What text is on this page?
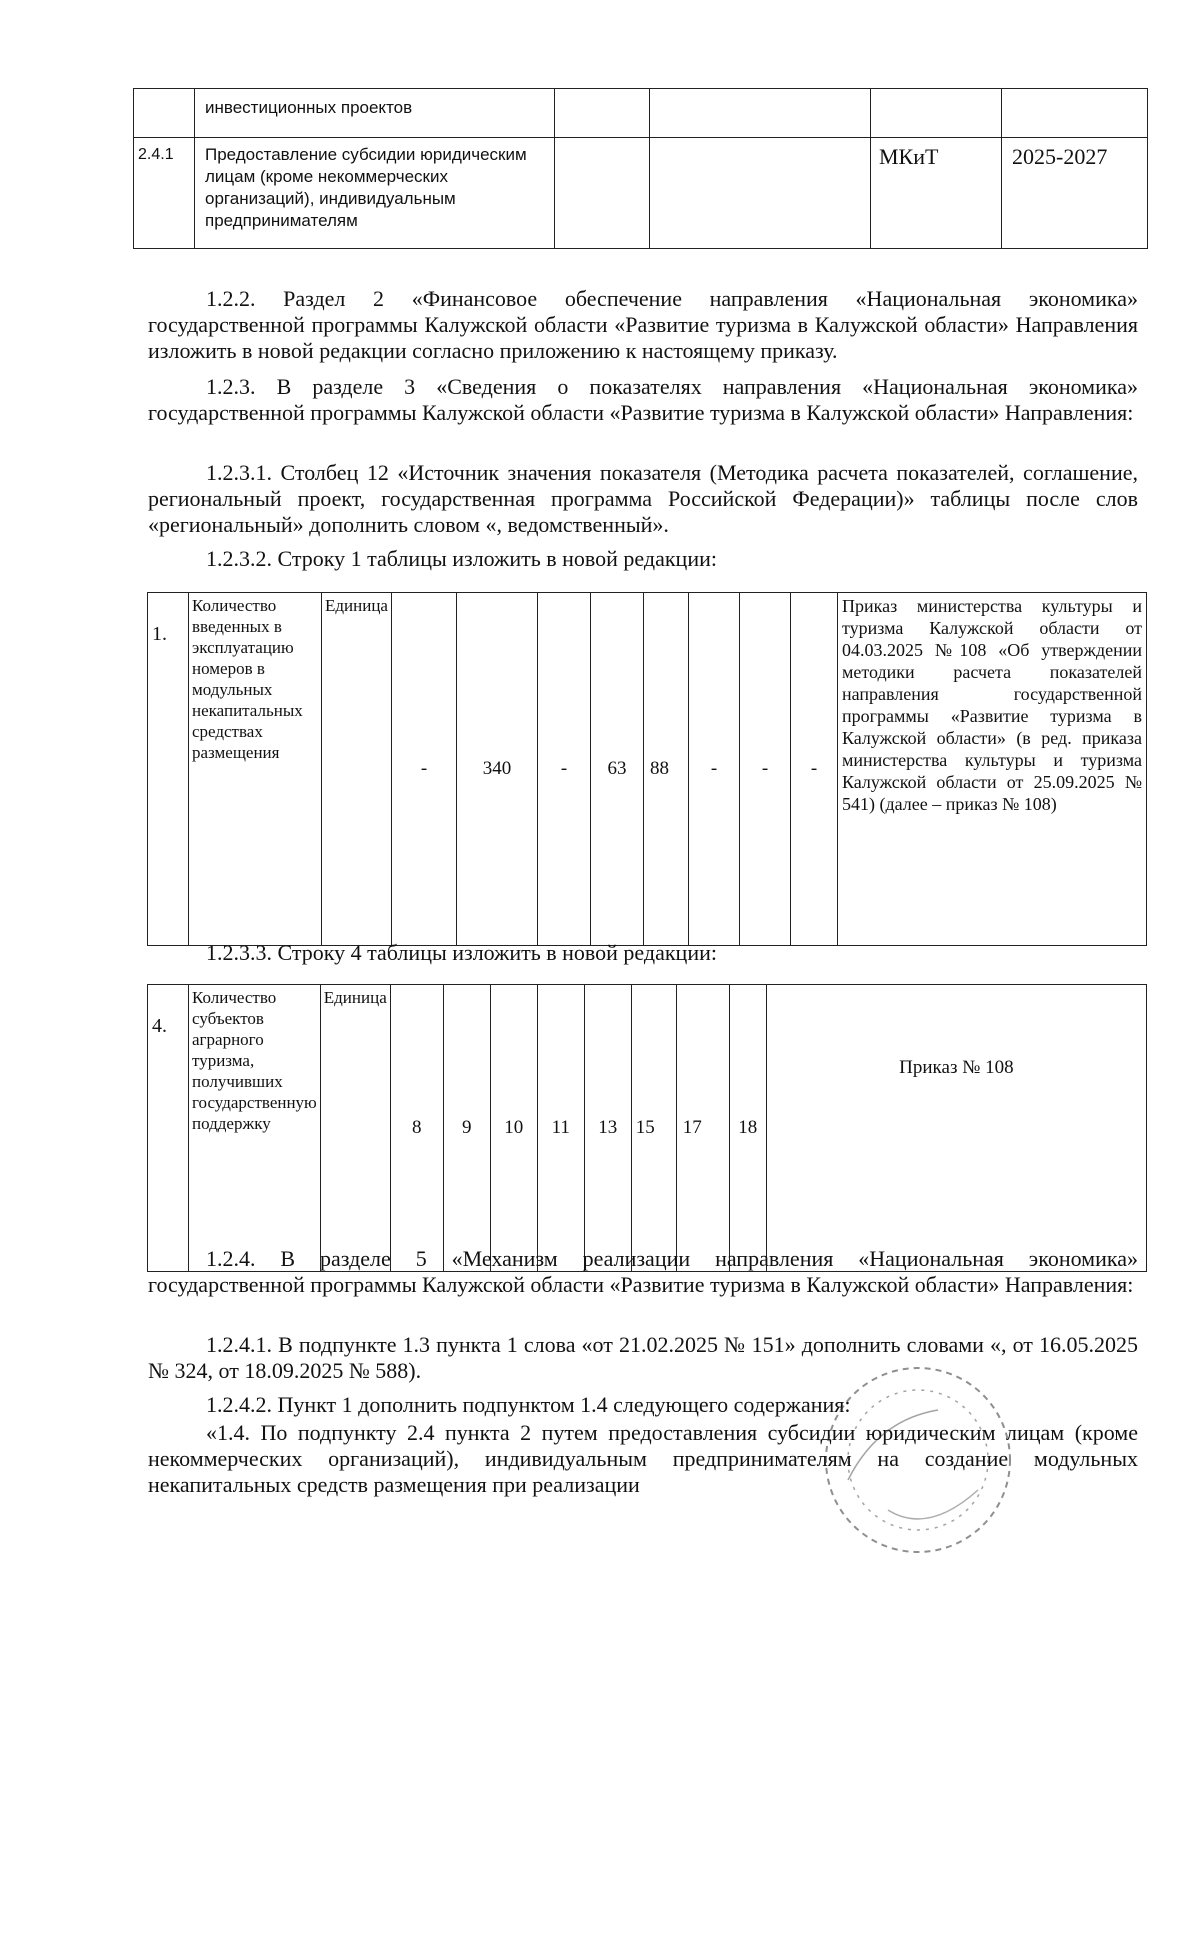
	инвестиционных проектов				
2.4.1	Предоставление субсидии юридическим лицам (кроме некоммерческих организаций), индивидуальным предпринимателям			МКиТ	2025-2027

1.2.2. Раздел 2 «Финансовое обеспечение направления «Национальная экономика» государственной программы Калужской области «Развитие туризма в Калужской области» Направления изложить в новой редакции согласно приложению к настоящему приказу.

1.2.3. В разделе 3 «Сведения о показателях направления «Национальная экономика» государственной программы Калужской области «Развитие туризма в Калужской области» Направления:

1.2.3.1. Столбец 12 «Источник значения показателя (Методика расчета показателей, соглашение, региональный проект, государственная программа Российской Федерации)» таблицы после слов «региональный» дополнить словом «, ведомственный».

1.2.3.2. Строку 1 таблицы изложить в новой редакции:

1.	Количество введенных в эксплуатацию номеров в модульных некапитальных средствах размещения	Единица	-	340	-	63	88	-	-	-	Приказ министерства культуры и туризма Калужской области от 04.03.2025 №108 «Об утверждении методики расчета показателей направления государственной программы «Развитие туризма в Калужской области» (в ред. приказа министерства культуры и туризма Калужской области от 25.09.2025 № 541) (далее – приказ № 108)

1.2.3.3. Строку 4 таблицы изложить в новой редакции:

4.	Количество субъектов аграрного туризма, получивших государственную поддержку	Единица	8	9	10	11	13	15	17	18	Приказ № 108

1.2.4. В разделе 5 «Механизм реализации направления «Национальная экономика» государственной программы Калужской области «Развитие туризма в Калужской области» Направления:

1.2.4.1. В подпункте 1.3 пункта 1 слова «от 21.02.2025 № 151» дополнить словами «, от 16.05.2025 № 324, от 18.09.2025 № 588).

1.2.4.2. Пункт 1 дополнить подпунктом 1.4 следующего содержания:

«1.4. По подпункту 2.4 пункта 2 путем предоставления субсидии юридическим лицам (кроме некоммерческих организаций), индивидуальным предпринимателям на создание модульных некапитальных средств размещения при реализации
